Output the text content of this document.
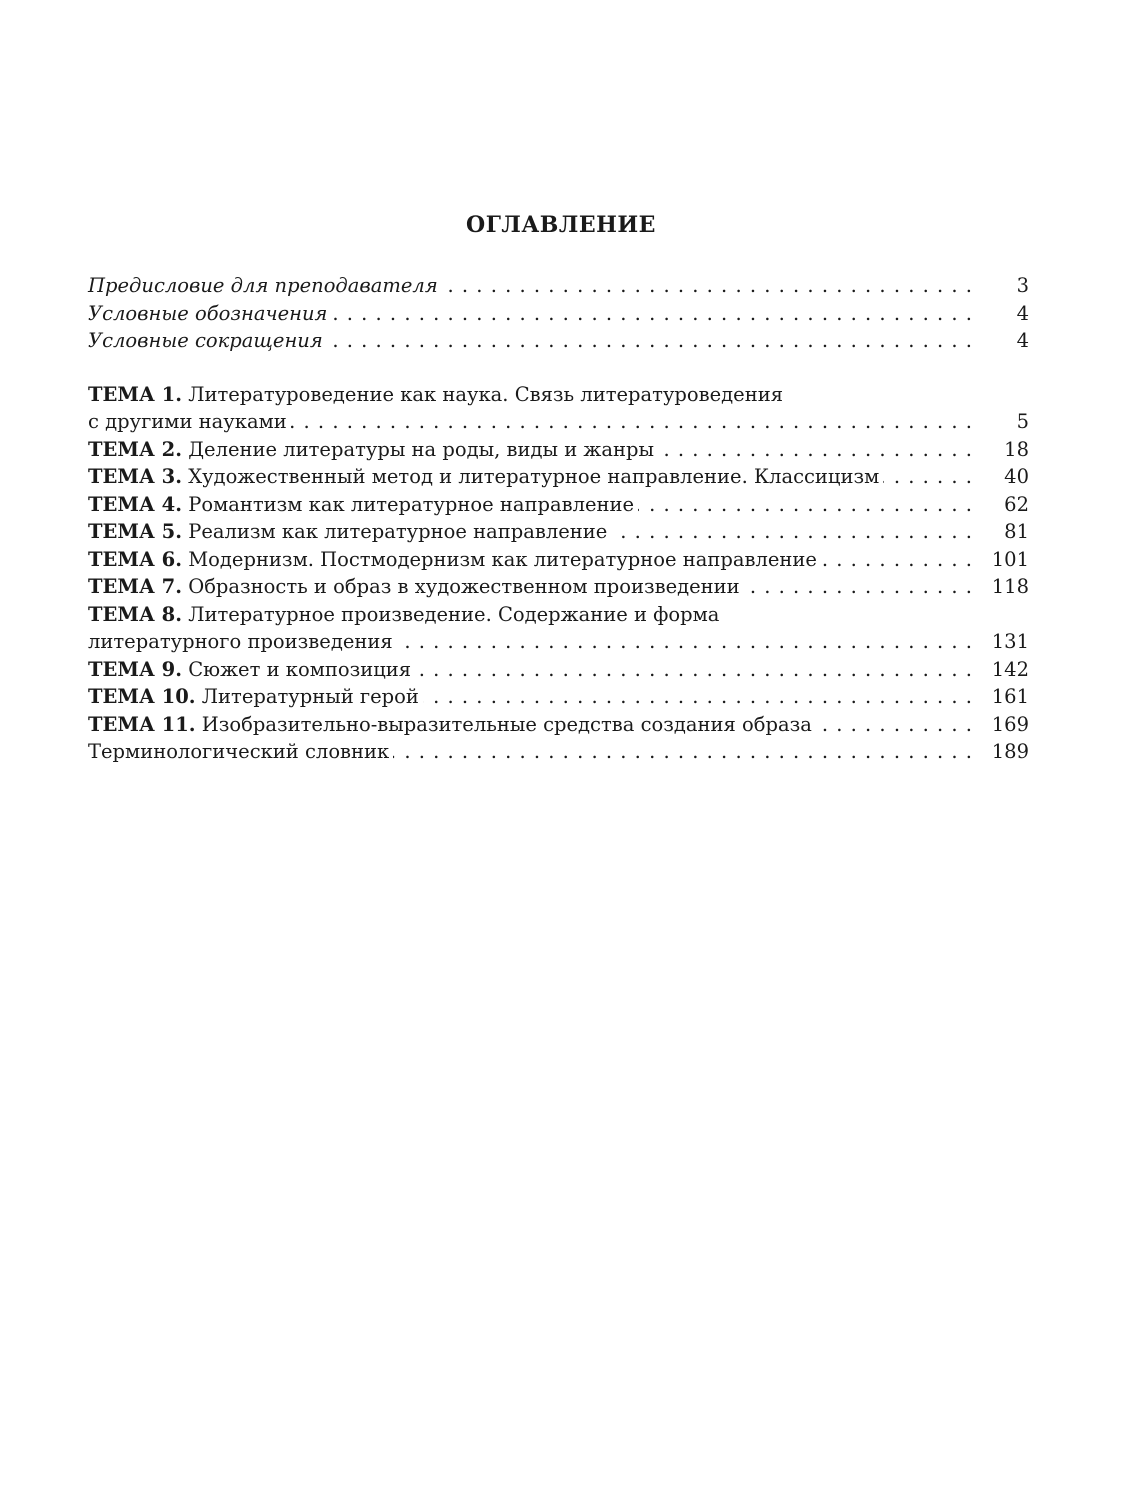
ОГЛАВЛЕНИЕ
. . .
Предисловие для преподавателя	3
. . .
Условные обозначения	4
. . .
Условные сокращения	4
ТЕМА 1. Литературоведение как наука. Связь литературоведения
. . .
с другими науками	5
. . .
ТЕМА 2. Деление литературы на роды, виды и жанры	18
. . .
ТЕМА 3. Художественный метод и литературное направление. Классицизм	40
. . .
ТЕМА 4. Романтизм как литературное направление	62
. . .
ТЕМА 5. Реализм как литературное направление	81
. . .
ТЕМА 6. Модернизм. Постмодернизм как литературное направление	101
. . .
ТЕМА 7. Образность и образ в художественном произведении	118
ТЕМА 8. Литературное произведение. Содержание и форма
. . .
литературного произведения	131
. . .
ТЕМА 9. Сюжет и композиция	142
. . .
ТЕМА 10. Литературный герой	161
. . .
ТЕМА 11. Изобразительно-выразительные средства создания образа	169
. . .
Терминологический словник	189
